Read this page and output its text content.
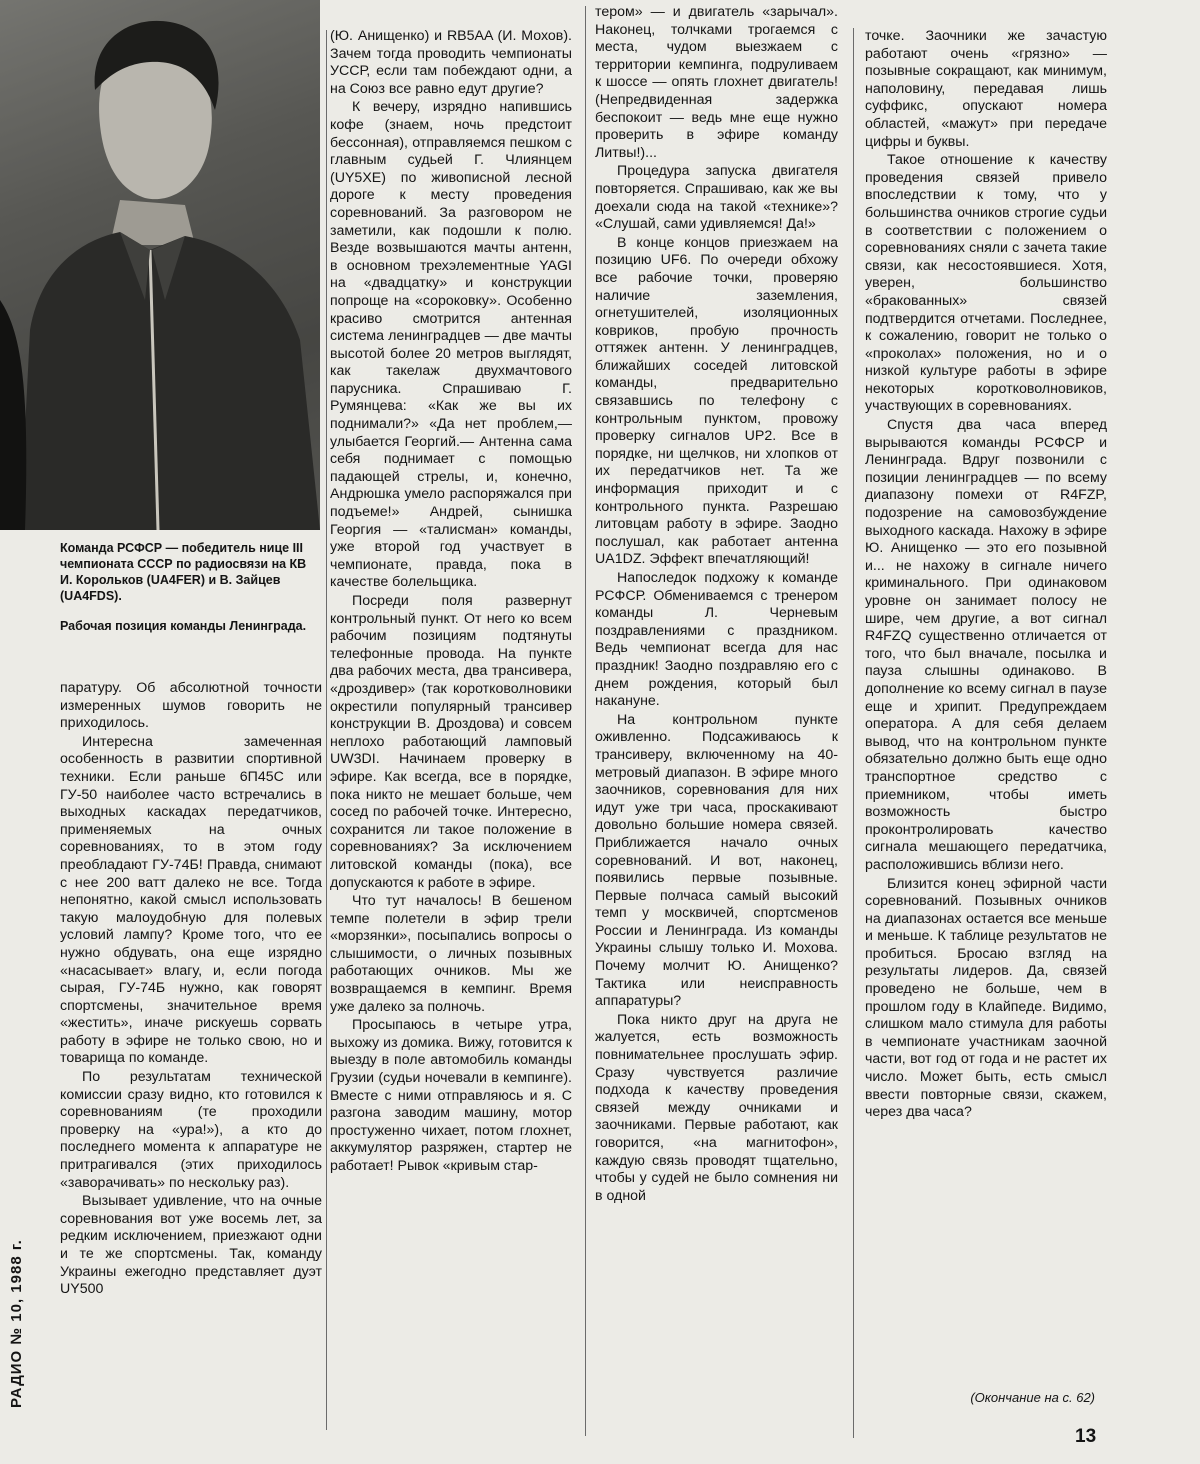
Команда РСФСР — победитель нице III чемпионата СССР по радиосвязи на КВ И. Корольков (UA4FER) и В. Зайцев (UA4FDS).

Рабочая позиция команды Ленинграда.

РАДИО № 10, 1988 г.

паратуру. Об абсолютной точности измеренных шумов говорить не приходилось.

Интересна замеченная особенность в развитии спортивной техники. Если раньше 6П45С или ГУ-50 наиболее часто встречались в выходных каскадах передатчиков, применяемых на очных соревнованиях, то в этом году преобладают ГУ-74Б! Правда, снимают с нее 200 ватт далеко не все. Тогда непонятно, какой смысл использовать такую малоудобную для полевых условий лампу? Кроме того, что ее нужно обдувать, она еще изрядно «насасывает» влагу, и, если погода сырая, ГУ-74Б нужно, как говорят спортсмены, значительное время «жестить», иначе рискуешь сорвать работу в эфире не только свою, но и товарища по команде.

По результатам технической комиссии сразу видно, кто готовился к соревнованиям (те проходили проверку на «ура!»), а кто до последнего момента к аппаратуре не притрагивался (этих приходилось «заворачивать» по нескольку раз).

Вызывает удивление, что на очные соревнования вот уже восемь лет, за редким исключением, приезжают одни и те же спортсмены. Так, команду Украины ежегодно представляет дуэт UY500

(Ю. Анищенко) и RB5AA (И. Мохов). Зачем тогда проводить чемпионаты УССР, если там побеждают одни, а на Союз все равно едут другие?

К вечеру, изрядно напившись кофе (знаем, ночь предстоит бессонная), отправляемся пешком с главным судьей Г. Члиянцем (UY5XE) по живописной лесной дороге к месту проведения соревнований. За разговором не заметили, как подошли к полю. Везде возвышаются мачты антенн, в основном трехэлементные YAGI на «двадцатку» и конструкции попроще на «сороковку». Особенно красиво смотрится антенная система ленинградцев — две мачты высотой более 20 метров выглядят, как такелаж двухмачтового парусника. Спрашиваю Г. Румянцева: «Как же вы их поднимали?» «Да нет проблем,— улыбается Георгий.— Антенна сама себя поднимает с помощью падающей стрелы, и, конечно, Андрюшка умело распоряжался при подъеме!» Андрей, сынишка Георгия — «талисман» команды, уже второй год участвует в чемпионате, правда, пока в качестве болельщика.

Посреди поля развернут контрольный пункт. От него ко всем рабочим позициям подтянуты телефонные провода. На пункте два рабочих места, два трансивера, «дроздивер» (так коротковолновики окрестили популярный трансивер конструкции В. Дроздова) и совсем неплохо работающий ламповый UW3DI. Начинаем проверку в эфире. Как всегда, все в порядке, пока никто не мешает больше, чем сосед по рабочей точке. Интересно, сохранится ли такое положение в соревнованиях? За исключением литовской команды (пока), все допускаются к работе в эфире.

Что тут началось! В бешеном темпе полетели в эфир трели «морзянки», посыпались вопросы о слышимости, о личных позывных работающих очников. Мы же возвращаемся в кемпинг. Время уже далеко за полночь.

Просыпаюсь в четыре утра, выхожу из домика. Вижу, готовится к выезду в поле автомобиль команды Грузии (судьи ночевали в кемпинге). Вместе с ними отправляюсь и я. С разгона заводим машину, мотор простуженно чихает, потом глохнет, аккумулятор разряжен, стартер не работает! Рывок «кривым стар-

тером» — и двигатель «зарычал». Наконец, толчками трогаемся с места, чудом выезжаем с территории кемпинга, подруливаем к шоссе — опять глохнет двигатель! (Непредвиденная задержка беспокоит — ведь мне еще нужно проверить в эфире команду Литвы!)...

Процедура запуска двигателя повторяется. Спрашиваю, как же вы доехали сюда на такой «технике»? «Слушай, сами удивляемся! Да!»

В конце концов приезжаем на позицию UF6. По очереди обхожу все рабочие точки, проверяю наличие заземления, огнетушителей, изоляционных ковриков, пробую прочность оттяжек антенн. У ленинградцев, ближайших соседей литовской команды, предварительно связавшись по телефону с контрольным пунктом, провожу проверку сигналов UP2. Все в порядке, ни щелчков, ни хлопков от их передатчиков нет. Та же информация приходит и с контрольного пункта. Разрешаю литовцам работу в эфире. Заодно послушал, как работает антенна UA1DZ. Эффект впечатляющий!

Напоследок подхожу к команде РСФСР. Обмениваемся с тренером команды Л. Черневым поздравлениями с праздником. Ведь чемпионат всегда для нас праздник! Заодно поздравляю его с днем рождения, который был накануне.

На контрольном пункте оживленно. Подсаживаюсь к трансиверу, включенному на 40-метровый диапазон. В эфире много заочников, соревнования для них идут уже три часа, проскакивают довольно большие номера связей. Приближается начало очных соревнований. И вот, наконец, появились первые позывные. Первые полчаса самый высокий темп у москвичей, спортсменов России и Ленинграда. Из команды Украины слышу только И. Мохова. Почему молчит Ю. Анищенко? Тактика или неисправность аппаратуры?

Пока никто друг на друга не жалуется, есть возможность повнимательнее прослушать эфир. Сразу чувствуется различие подхода к качеству проведения связей между очниками и заочниками. Первые работают, как говорится, «на магнитофон», каждую связь проводят тщательно, чтобы у судей не было сомнения ни в одной

точке. Заочники же зачастую работают очень «грязно» — позывные сокращают, как минимум, наполовину, передавая лишь суффикс, опускают номера областей, «мажут» при передаче цифры и буквы.

Такое отношение к качеству проведения связей привело впоследствии к тому, что у большинства очников строгие судьи в соответствии с положением о соревнованиях сняли с зачета такие связи, как несостоявшиеся. Хотя, уверен, большинство «бракованных» связей подтвердится отчетами. Последнее, к сожалению, говорит не только о «проколах» положения, но и о низкой культуре работы в эфире некоторых коротковолновиков, участвующих в соревнованиях.

Спустя два часа вперед вырываются команды РСФСР и Ленинграда. Вдруг позвонили с позиции ленинградцев — по всему диапазону помехи от R4FZP, подозрение на самовозбуждение выходного каскада. Нахожу в эфире Ю. Анищенко — это его позывной и... не нахожу в сигнале ничего криминального. При одинаковом уровне он занимает полосу не шире, чем другие, а вот сигнал R4FZQ существенно отличается от того, что был вначале, посылка и пауза слышны одинаково. В дополнение ко всему сигнал в паузе еще и хрипит. Предупреждаем оператора. А для себя делаем вывод, что на контрольном пункте обязательно должно быть еще одно транспортное средство с приемником, чтобы иметь возможность быстро проконтролировать качество сигнала мешающего передатчика, расположившись вблизи него.

Близится конец эфирной части соревнований. Позывных очников на диапазонах остается все меньше и меньше. К таблице результатов не пробиться. Бросаю взгляд на результаты лидеров. Да, связей проведено не больше, чем в прошлом году в Клайпеде. Видимо, слишком мало стимула для работы в чемпионате участникам заочной части, вот год от года и не растет их число. Может быть, есть смысл ввести повторные связи, скажем, через два часа?

(Окончание на с. 62)
13
